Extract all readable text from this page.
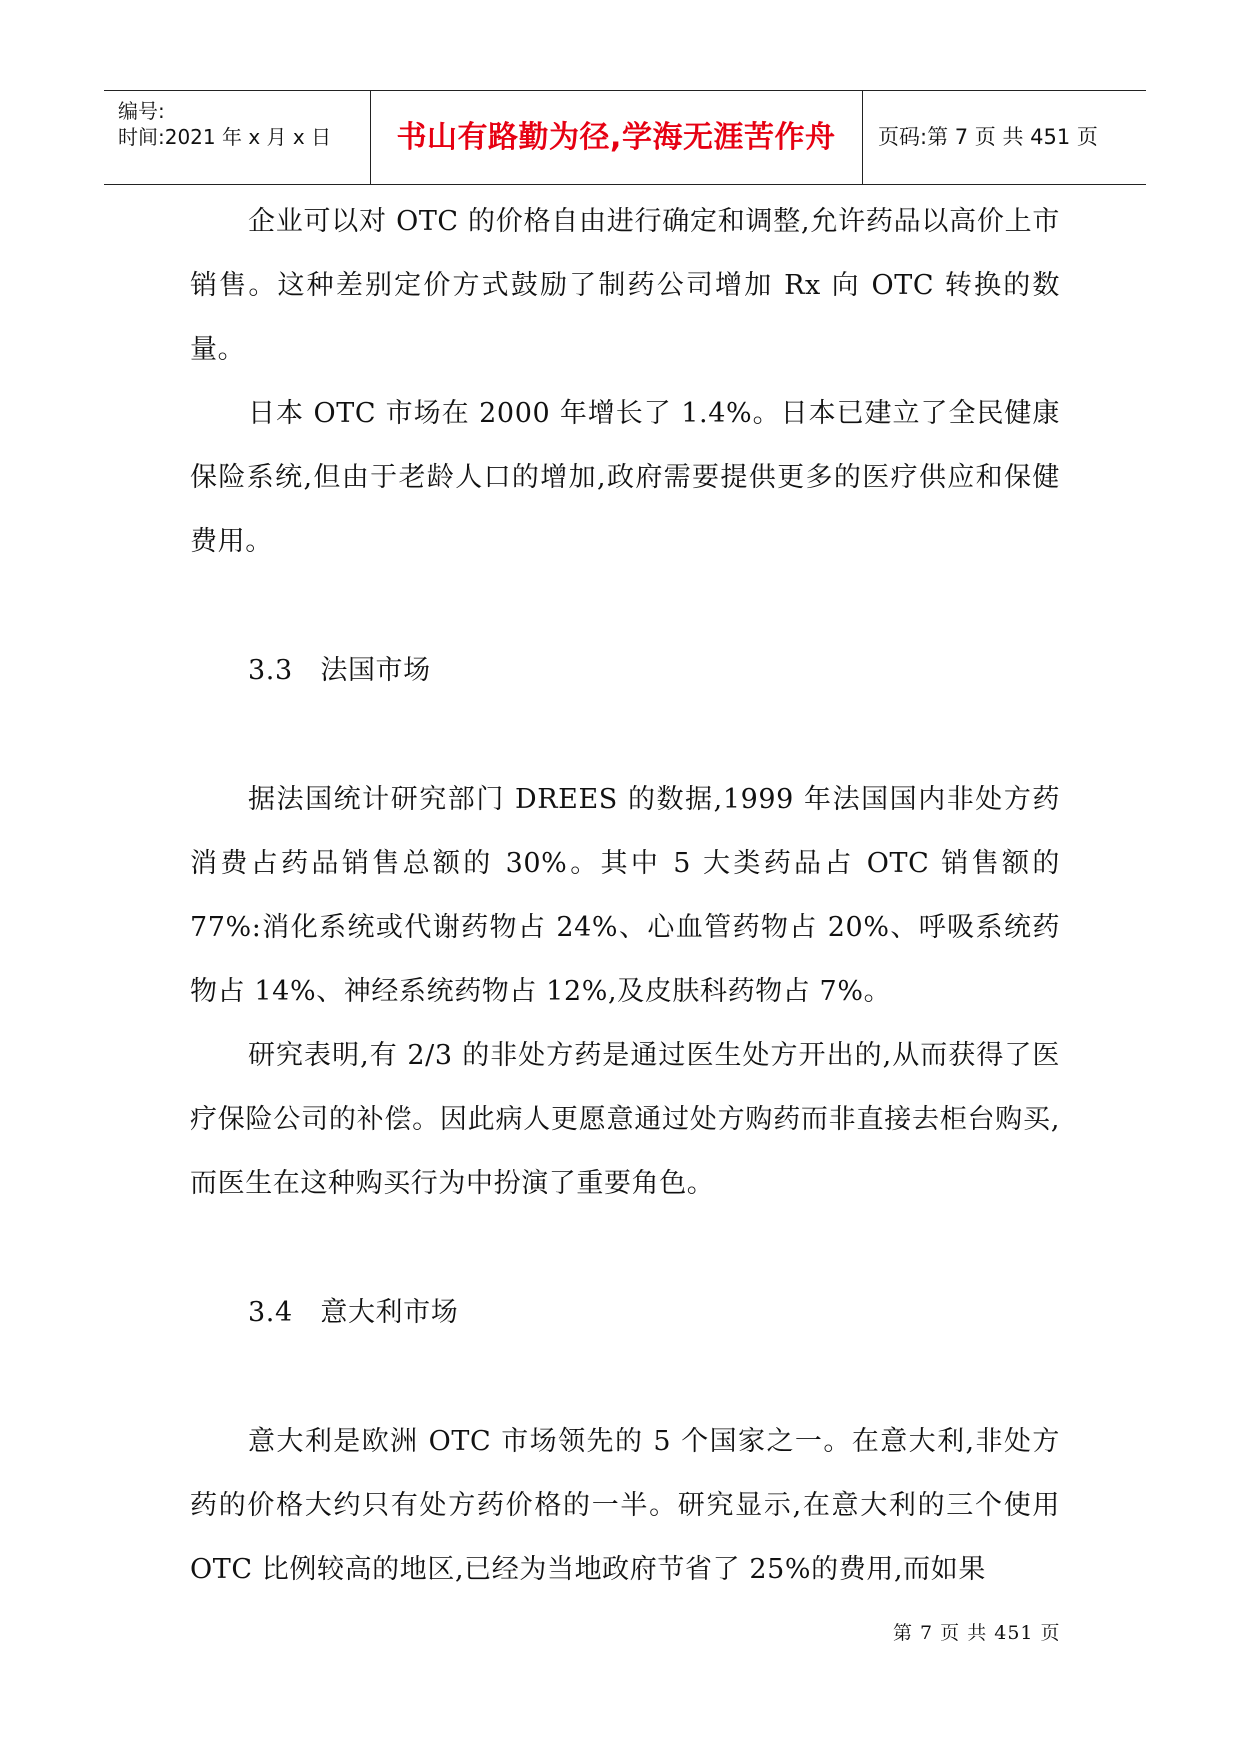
编号:
时间:2021 年 x 月 x 日	书山有路勤为径,学海无涯苦作舟	页码:第 7 页 共 451 页

企业可以对 OTC 的价格自由进行确定和调整,允许药品以高价上市销售。这种差别定价方式鼓励了制药公司增加 Rx 向 OTC 转换的数量。

日本 OTC 市场在 2000 年增长了 1.4%。日本已建立了全民健康保险系统,但由于老龄人口的增加,政府需要提供更多的医疗供应和保健费用。

3.3　法国市场

据法国统计研究部门 DREES 的数据,1999 年法国国内非处方药消费占药品销售总额的 30%。其中 5 大类药品占 OTC 销售额的 77%:消化系统或代谢药物占 24%、心血管药物占 20%、呼吸系统药物占 14%、神经系统药物占 12%,及皮肤科药物占 7%。

研究表明,有 2/3 的非处方药是通过医生处方开出的,从而获得了医疗保险公司的补偿。因此病人更愿意通过处方购药而非直接去柜台购买,而医生在这种购买行为中扮演了重要角色。

3.4　意大利市场

意大利是欧洲 OTC 市场领先的 5 个国家之一。在意大利,非处方药的价格大约只有处方药价格的一半。研究显示,在意大利的三个使用 OTC 比例较高的地区,已经为当地政府节省了 25%的费用,而如果

第 7 页 共 451 页
